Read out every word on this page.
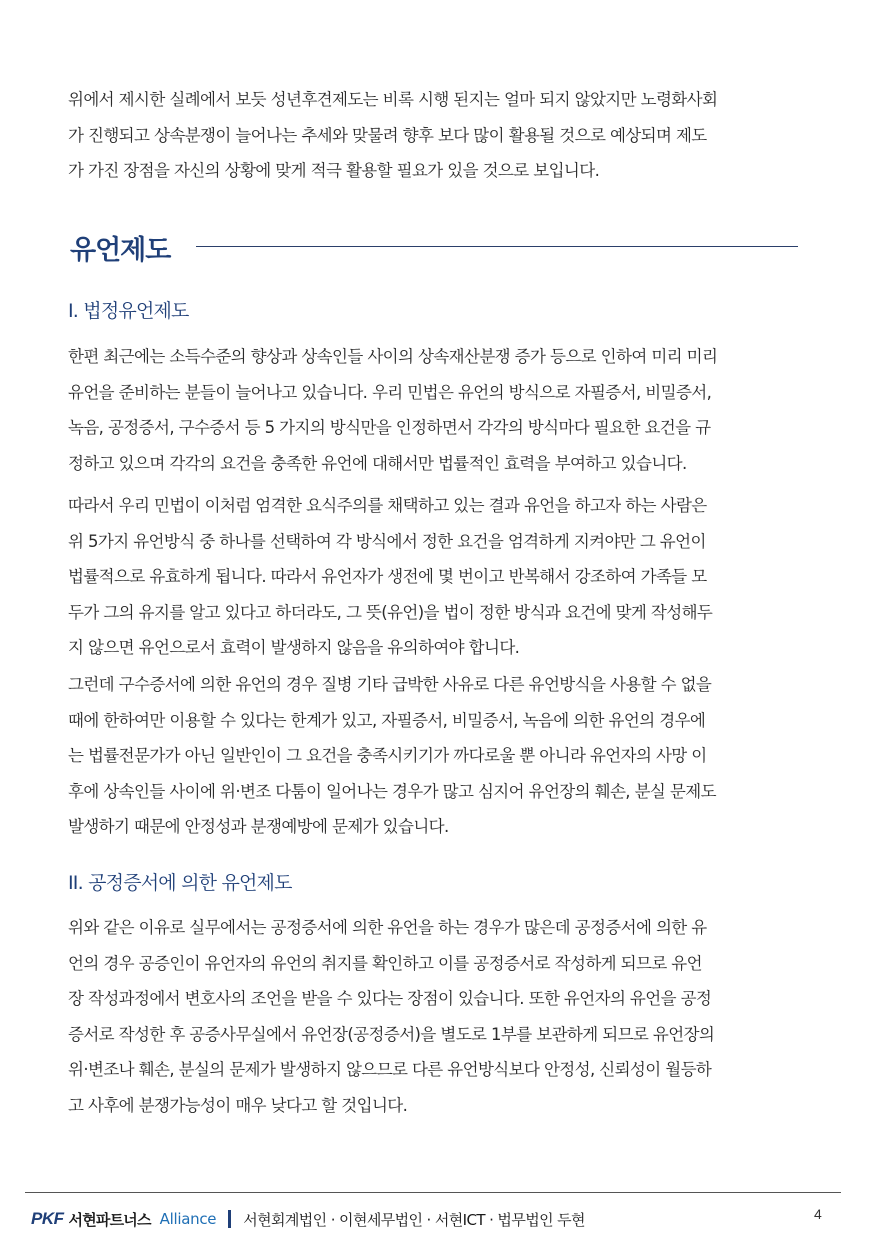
위에서 제시한 실례에서 보듯 성년후견제도는 비록 시행 된지는 얼마 되지 않았지만 노령화사회
가 진행되고 상속분쟁이 늘어나는 추세와 맞물려 향후 보다 많이 활용될 것으로 예상되며 제도
가 가진 장점을 자신의 상황에 맞게 적극 활용할 필요가 있을 것으로 보입니다.
유언제도
I. 법정유언제도
한편 최근에는 소득수준의 향상과 상속인들 사이의 상속재산분쟁 증가 등으로 인하여 미리 미리
유언을 준비하는 분들이 늘어나고 있습니다. 우리 민법은 유언의 방식으로 자필증서, 비밀증서,
녹음, 공정증서, 구수증서 등 5 가지의 방식만을 인정하면서 각각의 방식마다 필요한 요건을 규
정하고 있으며 각각의 요건을 충족한 유언에 대해서만 법률적인 효력을 부여하고 있습니다.
따라서 우리 민법이 이처럼 엄격한 요식주의를 채택하고 있는 결과 유언을 하고자 하는 사람은
위 5가지 유언방식 중 하나를 선택하여 각 방식에서 정한 요건을 엄격하게 지켜야만 그 유언이
법률적으로 유효하게 됩니다. 따라서 유언자가 생전에 몇 번이고 반복해서 강조하여 가족들 모
두가 그의 유지를 알고 있다고 하더라도, 그 뜻(유언)을 법이 정한 방식과 요건에 맞게 작성해두
지 않으면 유언으로서 효력이 발생하지 않음을 유의하여야 합니다.
그런데 구수증서에 의한 유언의 경우 질병 기타 급박한 사유로 다른 유언방식을 사용할 수 없을
때에 한하여만 이용할 수 있다는 한계가 있고, 자필증서, 비밀증서, 녹음에 의한 유언의 경우에
는 법률전문가가 아닌 일반인이 그 요건을 충족시키기가 까다로울 뿐 아니라 유언자의 사망 이
후에 상속인들 사이에 위·변조 다툼이 일어나는 경우가 많고 심지어 유언장의 훼손, 분실 문제도
발생하기 때문에 안정성과 분쟁예방에 문제가 있습니다.
II. 공정증서에 의한 유언제도
위와 같은 이유로 실무에서는 공정증서에 의한 유언을 하는 경우가 많은데 공정증서에 의한 유
언의 경우 공증인이 유언자의 유언의 취지를 확인하고 이를 공정증서로 작성하게 되므로 유언
장 작성과정에서 변호사의 조언을 받을 수 있다는 장점이 있습니다. 또한 유언자의 유언을 공정
증서로 작성한 후 공증사무실에서 유언장(공정증서)을 별도로 1부를 보관하게 되므로 유언장의
위·변조나 훼손, 분실의 문제가 발생하지 않으므로 다른 유언방식보다 안정성, 신뢰성이 월등하
고 사후에 분쟁가능성이 매우 낮다고 할 것입니다.
PKF 서현파트너스 Alliance 서현회계법인 · 이현세무법인 · 서현ICT · 법무법인 두현	4
